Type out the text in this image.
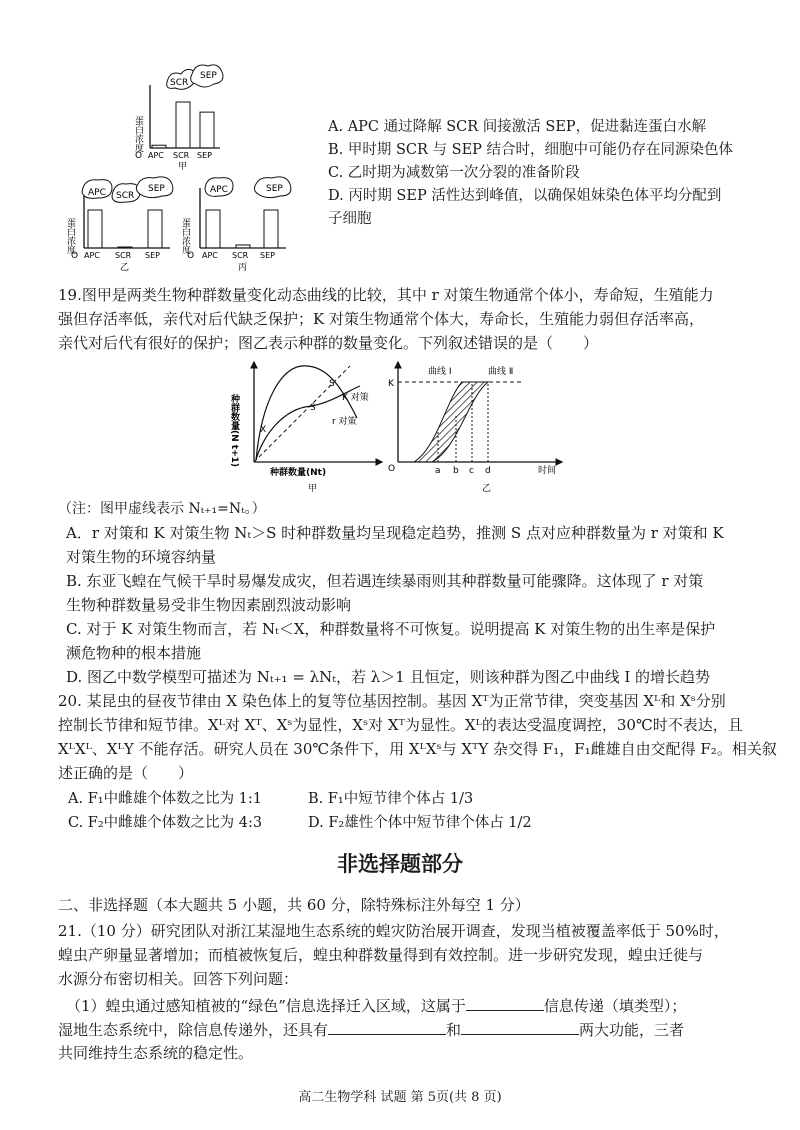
蛋白浓度
SCR
SEP
O APC SCR SEP
甲
蛋白浓度
APC SCR
SEP
O APC SCR SEP
乙
蛋白浓度
APC	SEP
O APC SCR SEP
丙
A. APC 通过降解 SCR 间接激活 SEP，促进黏连蛋白水解
B. 甲时期 SCR 与 SEP 结合时，细胞中可能仍存在同源染色体
C. 乙时期为减数第一次分裂的准备阶段
D. 丙时期 SEP 活性达到峰值，以确保姐妹染色体平均分配到
子细胞
19.图甲是两类生物种群数量变化动态曲线的比较，其中 r 对策生物通常个体小，寿命短，生殖能力
强但存活率低，亲代对后代缺乏保护；K 对策生物通常个体大，寿命长，生殖能力弱但存活率高，
亲代对后代有很好的保护；图乙表示种群的数量变化。下列叙述错误的是（　　）
种群数量(N t+1)
S
S
X
K 对策
r 对策
种群数量(Nt)
甲
K
曲线 Ⅰ	曲线 Ⅱ
O	a b c d	时间
乙
（注：图甲虚线表示 Nₜ₊₁=Nₜ。）
A．r 对策和 K 对策生物 Nₜ＞S 时种群数量均呈现稳定趋势，推测 S 点对应种群数量为 r 对策和 K
对策生物的环境容纳量
B. 东亚飞蝗在气候干旱时易爆发成灾，但若遇连续暴雨则其种群数量可能骤降。这体现了 r 对策
生物种群数量易受非生物因素剧烈波动影响
C. 对于 K 对策生物而言，若 Nₜ＜X，种群数量将不可恢复。说明提高 K 对策生物的出生率是保护
濒危物种的根本措施
D. 图乙中数学模型可描述为 Nₜ₊₁ = λNₜ，若 λ＞1 且恒定，则该种群为图乙中曲线 Ⅰ 的增长趋势
20. 某昆虫的昼夜节律由 X 染色体上的复等位基因控制。基因 Xᵀ为正常节律，突变基因 Xᴸ和 Xˢ分别
控制长节律和短节律。Xᴸ对 Xᵀ、Xˢ为显性，Xˢ对 Xᵀ为显性。Xᴸ的表达受温度调控，30℃时不表达，且
XᴸXᴸ、XᴸY 不能存活。研究人员在 30℃条件下，用 XᴸXˢ与 XᵀY 杂交得 F₁，F₁雌雄自由交配得 F₂。相关叙
述正确的是（　　）
A. F₁中雌雄个体数之比为 1:1	B. F₁中短节律个体占 1/3
C. F₂中雌雄个体数之比为 4:3	D. F₂雄性个体中短节律个体占 1/2
非选择题部分
二、非选择题（本大题共 5 小题，共 60 分，除特殊标注外每空 1 分）
21.（10 分）研究团队对浙江某湿地生态系统的蝗灾防治展开调查，发现当植被覆盖率低于 50%时，
蝗虫产卵量显著增加；而植被恢复后，蝗虫种群数量得到有效控制。进一步研究发现，蝗虫迁徙与
水源分布密切相关。回答下列问题：
（1）蝗虫通过感知植被的“绿色”信息选择迁入区域，这属于	信息传递（填类型）；
湿地生态系统中，除信息传递外，还具有	和	两大功能，三者
共同维持生态系统的稳定性。
高二生物学科 试题 第 5页(共 8 页)
